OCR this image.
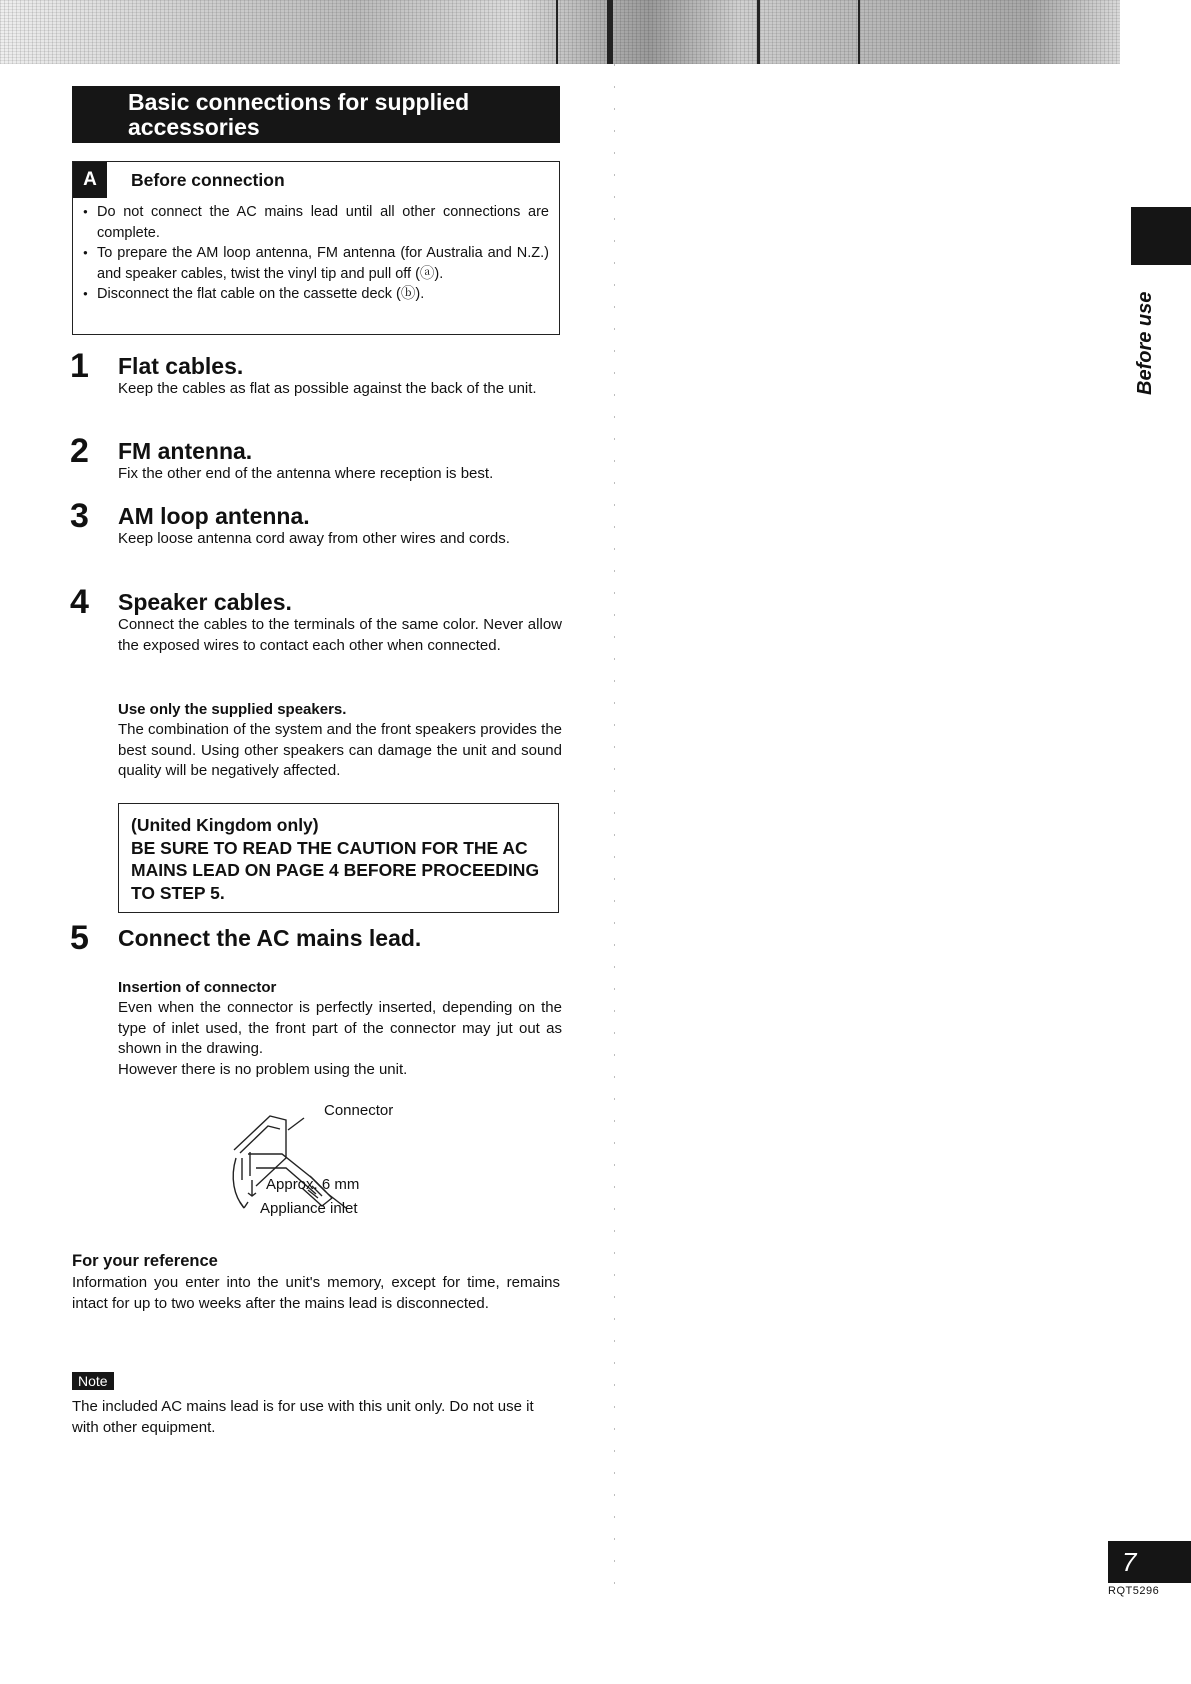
Basic connections for supplied
accessories
A	Before connection
● Do not connect the AC mains lead until all other connections are complete.
● To prepare the AM loop antenna, FM antenna (for Australia and N.Z.) and speaker cables, twist the vinyl tip and pull off (ⓐ).
● Disconnect the flat cable on the cassette deck (ⓑ).
1	Flat cables.
Keep the cables as flat as possible against the back of the unit.
2	FM antenna.
Fix the other end of the antenna where reception is best.
3	AM loop antenna.
Keep loose antenna cord away from other wires and cords.
4	Speaker cables.
Connect the cables to the terminals of the same color. Never allow the exposed wires to contact each other when connected.
Use only the supplied speakers.
The combination of the system and the front speakers provides the best sound. Using other speakers can damage the unit and sound quality will be negatively affected.
(United Kingdom only)
BE SURE TO READ THE CAUTION FOR THE AC MAINS LEAD ON PAGE 4 BEFORE PROCEEDING TO STEP 5.
5	Connect the AC mains lead.
Insertion of connector
Even when the connector is perfectly inserted, depending on the type of inlet used, the front part of the connector may jut out as shown in the drawing.
However there is no problem using the unit.
Connector
Approx. 6 mm
Appliance inlet
For your reference
Information you enter into the unit's memory, except for time, remains intact for up to two weeks after the mains lead is disconnected.
Note
The included AC mains lead is for use with this unit only. Do not use it with other equipment.
Before use
7
RQT5296
